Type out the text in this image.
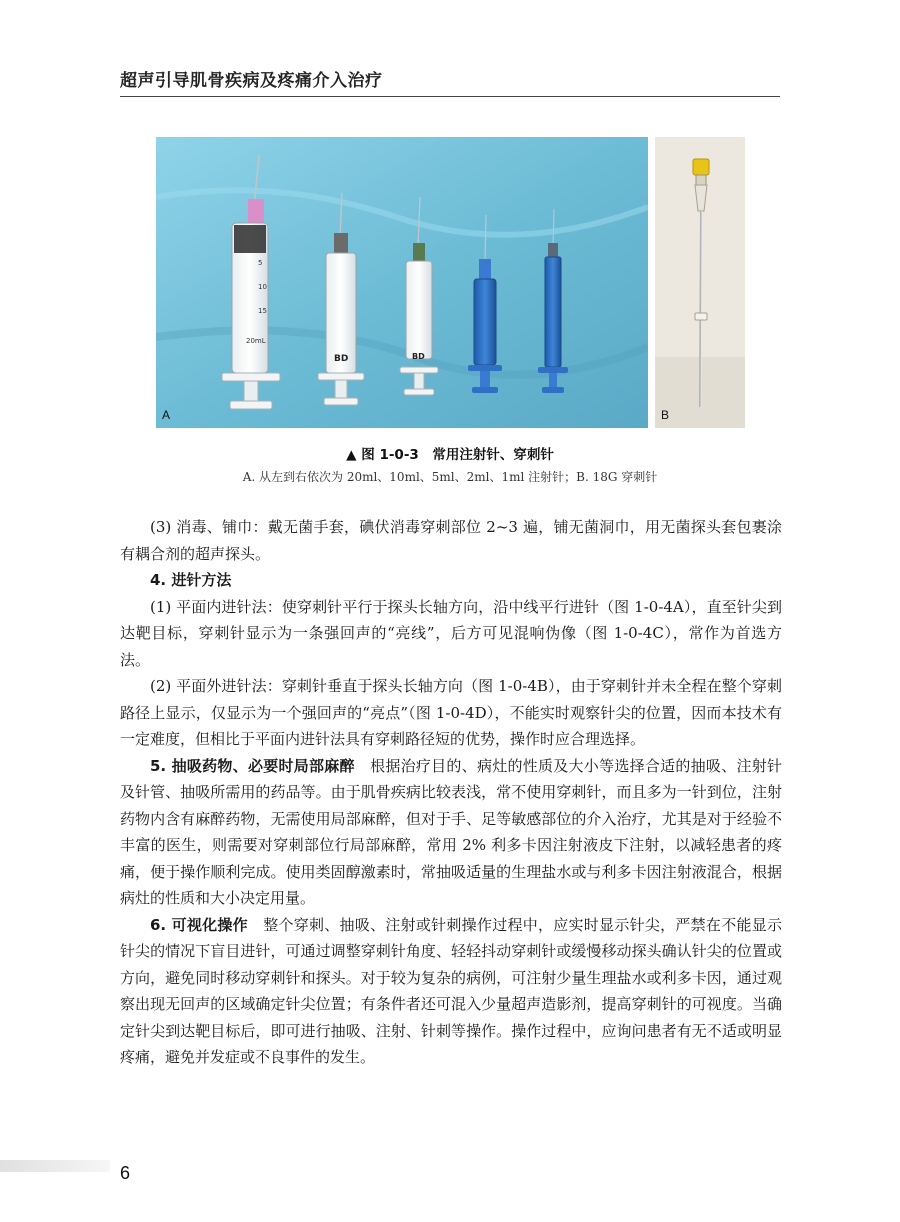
超声引导肌骨疾病及疼痛介入治疗
5
10
15
20mL
BD	BD
A	B
▲ 图 1-0-3　常用注射针、穿刺针
A. 从左到右依次为 20ml、10ml、5ml、2ml、1ml 注射针；B. 18G 穿刺针

(3) 消毒、铺巾：戴无菌手套，碘伏消毒穿刺部位 2~3 遍，铺无菌洞巾，用无菌探头套包裹涂有耦合剂的超声探头。

4. 进针方法

(1) 平面内进针法：使穿刺针平行于探头长轴方向，沿中线平行进针（图 1-0-4A），直至针尖到达靶目标，穿刺针显示为一条强回声的“亮线”，后方可见混响伪像（图 1-0-4C），常作为首选方法。

(2) 平面外进针法：穿刺针垂直于探头长轴方向（图 1-0-4B），由于穿刺针并未全程在整个穿刺路径上显示，仅显示为一个强回声的“亮点”（图 1-0-4D），不能实时观察针尖的位置，因而本技术有一定难度，但相比于平面内进针法具有穿刺路径短的优势，操作时应合理选择。

5. 抽吸药物、必要时局部麻醉　根据治疗目的、病灶的性质及大小等选择合适的抽吸、注射针及针管、抽吸所需用的药品等。由于肌骨疾病比较表浅，常不使用穿刺针，而且多为一针到位，注射药物内含有麻醉药物，无需使用局部麻醉，但对于手、足等敏感部位的介入治疗，尤其是对于经验不丰富的医生，则需要对穿刺部位行局部麻醉，常用 2% 利多卡因注射液皮下注射，以减轻患者的疼痛，便于操作顺利完成。使用类固醇激素时，常抽吸适量的生理盐水或与利多卡因注射液混合，根据病灶的性质和大小决定用量。

6. 可视化操作　整个穿刺、抽吸、注射或针刺操作过程中，应实时显示针尖，严禁在不能显示针尖的情况下盲目进针，可通过调整穿刺针角度、轻轻抖动穿刺针或缓慢移动探头确认针尖的位置或方向，避免同时移动穿刺针和探头。对于较为复杂的病例，可注射少量生理盐水或利多卡因，通过观察出现无回声的区域确定针尖位置；有条件者还可混入少量超声造影剂，提高穿刺针的可视度。当确定针尖到达靶目标后，即可进行抽吸、注射、针刺等操作。操作过程中，应询问患者有无不适或明显疼痛，避免并发症或不良事件的发生。

6
